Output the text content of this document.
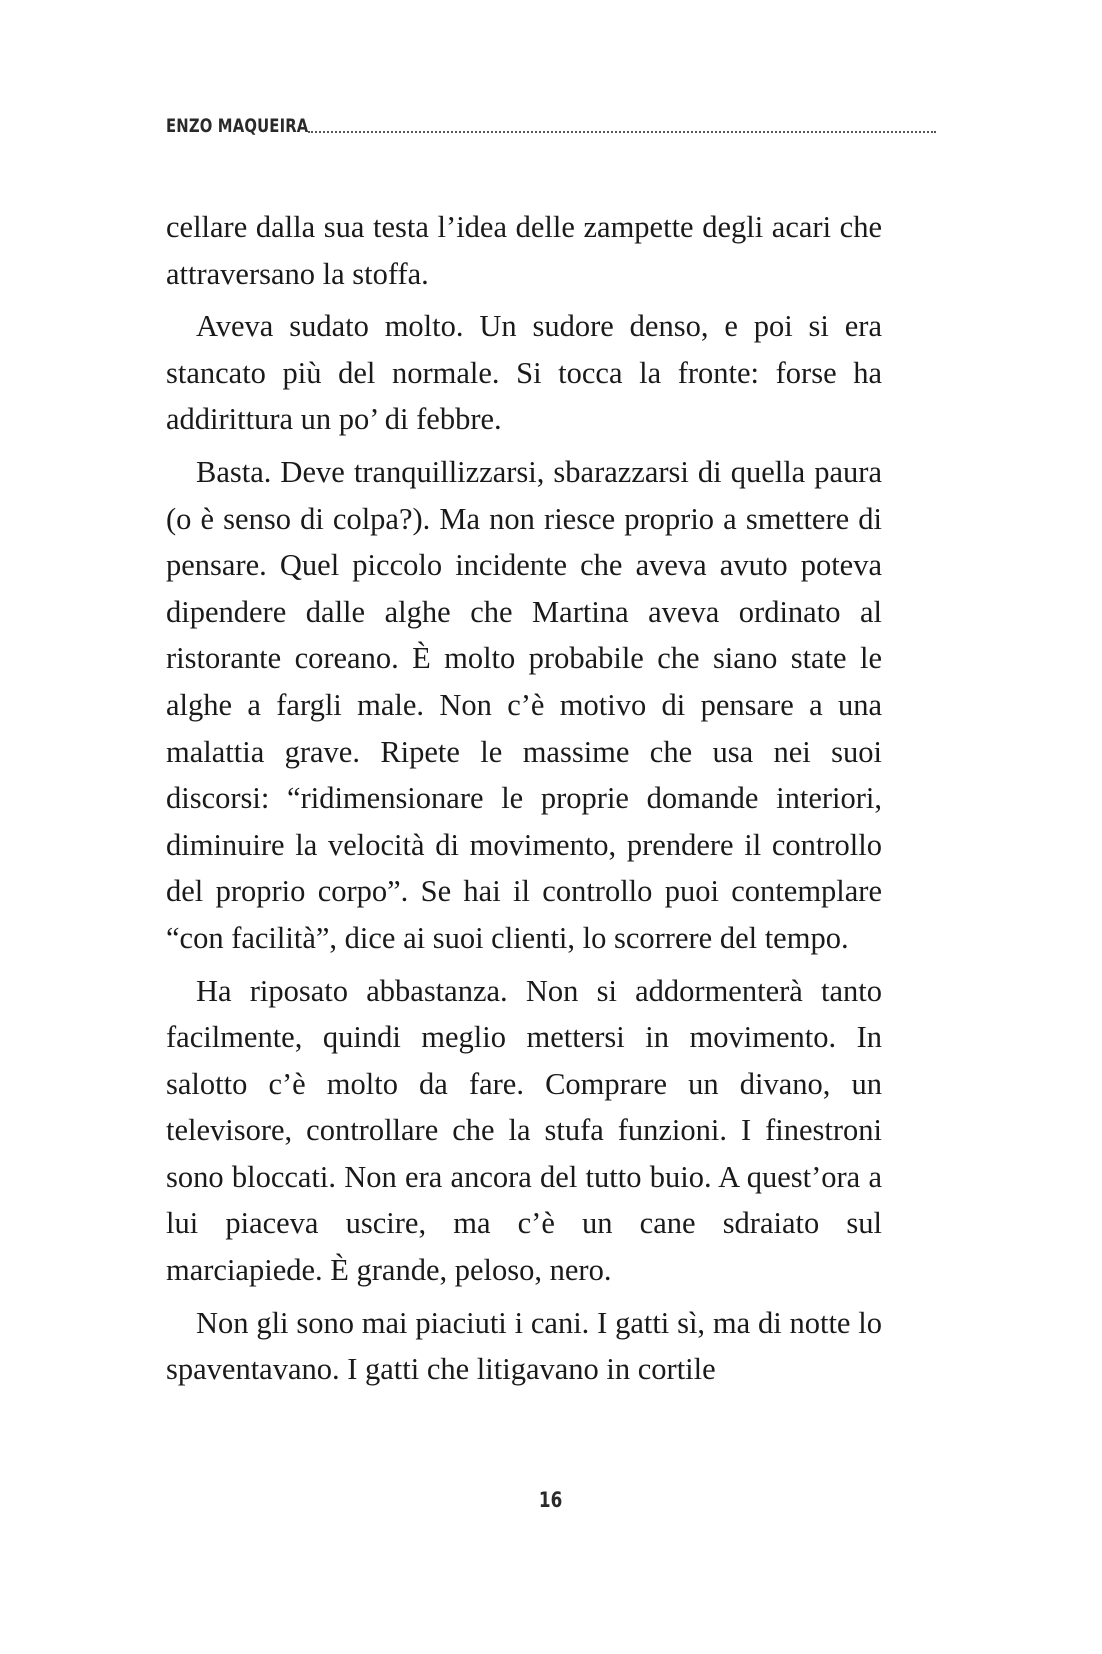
ENZO MAQUEIRA

cellare dalla sua testa l’idea delle zampette degli acari che attraversano la stoffa.

Aveva sudato molto. Un sudore denso, e poi si era stancato più del normale. Si tocca la fronte: forse ha addirittura un po’ di febbre.

Basta. Deve tranquillizzarsi, sbarazzarsi di quella paura (o è senso di colpa?). Ma non riesce proprio a smettere di pensare. Quel piccolo incidente che aveva avuto poteva dipendere dalle alghe che Martina aveva ordinato al ristorante coreano. È molto probabile che siano state le alghe a fargli male. Non c’è motivo di pensare a una malattia grave. Ripete le massime che usa nei suoi discorsi: “ridimensionare le proprie domande interiori, diminuire la velocità di movimento, prendere il controllo del proprio corpo”. Se hai il controllo puoi contemplare “con facilità”, dice ai suoi clienti, lo scorrere del tempo.

Ha riposato abbastanza. Non si addormenterà tanto facilmente, quindi meglio mettersi in movimento. In salotto c’è molto da fare. Comprare un divano, un televisore, controllare che la stufa funzioni. I finestroni sono bloccati. Non era ancora del tutto buio. A quest’ora a lui piaceva uscire, ma c’è un cane sdraiato sul marciapiede. È grande, peloso, nero.

Non gli sono mai piaciuti i cani. I gatti sì, ma di notte lo spaventavano. I gatti che litigavano in cortile

16
